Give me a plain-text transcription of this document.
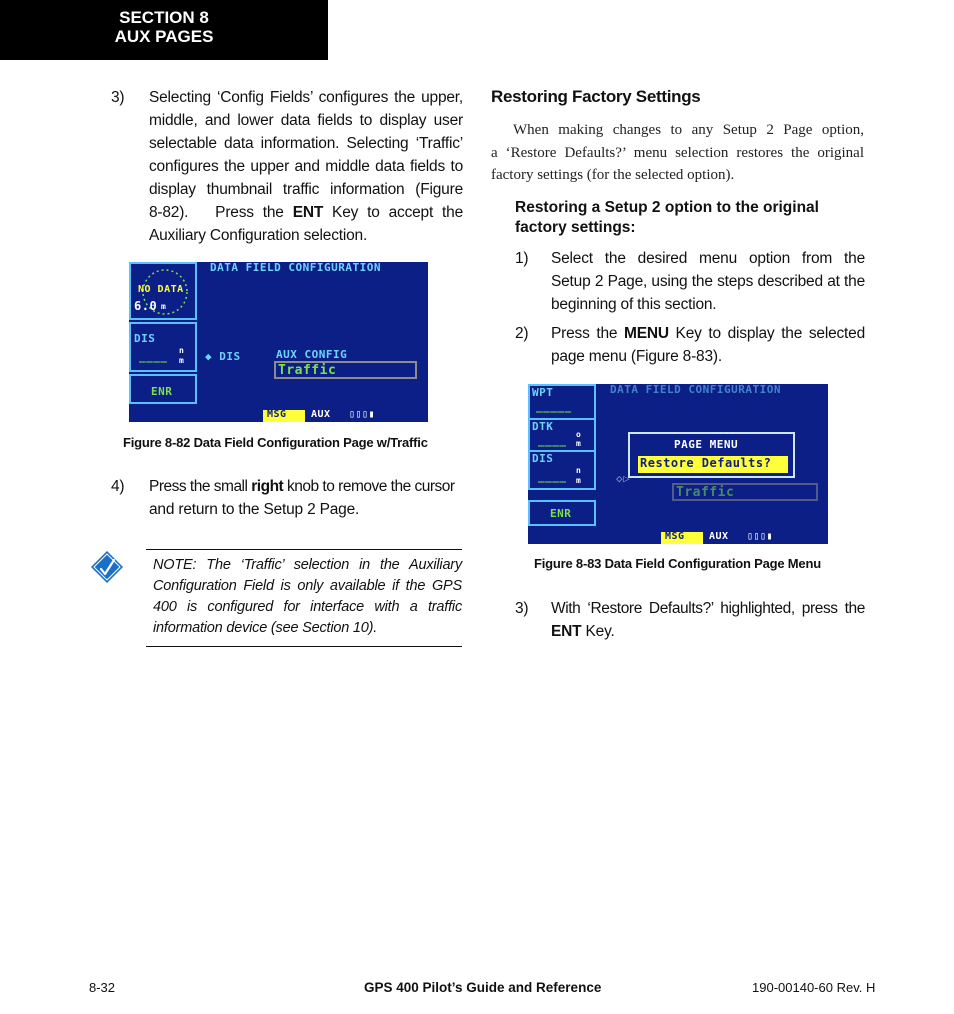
SECTION 8
AUX PAGES
3) Selecting ‘Config Fields’ configures the upper,
middle, and lower data fields to display user
selectable data information. Selecting ‘Traffic’
configures the upper and middle data fields to
display thumbnail traffic information (Figure
8-82).   Press the ENT Key to accept the
Auxiliary Configuration selection.
NO DATA
6.0 m
DIS
____ n
m
ENR
DATA FIELD CONFIGURATION
◆ DIS	AUX CONFIG
Traffic
MSG AUX ▯▯▯▮
Figure 8-82 Data Field Configuration Page w/Traffic
4) Press the small right knob to remove the cursor
and return to the Setup 2 Page.
NOTE: The ‘Traffic’ selection in the Auxiliary
Configuration Field is only available if the GPS
400 is configured for interface with a traffic
information device (see Section 10).
Restoring Factory Settings
When making changes to any Setup 2 Page option,
a ‘Restore Defaults?’ menu selection restores the original
factory settings (for the selected option).
Restoring a Setup 2 option to the original
factory settings:
1) Select the desired menu option from the
Setup 2 Page, using the steps described at the
beginning of this section.
2) Press the MENU Key to display the selected
page menu (Figure 8-83).
WPT
_____
DTK
____ o
m
DIS
____ n
m
ENR
DATA FIELD CONFIGURATION
PAGE MENU
Restore Defaults?
◇▷
Traffic
MSG AUX ▯▯▯▮
Figure 8-83 Data Field Configuration Page Menu
3) With ‘Restore Defaults?’ highlighted, press the
ENT Key.
8-32	GPS 400 Pilot’s Guide and Reference	190-00140-60 Rev. H
